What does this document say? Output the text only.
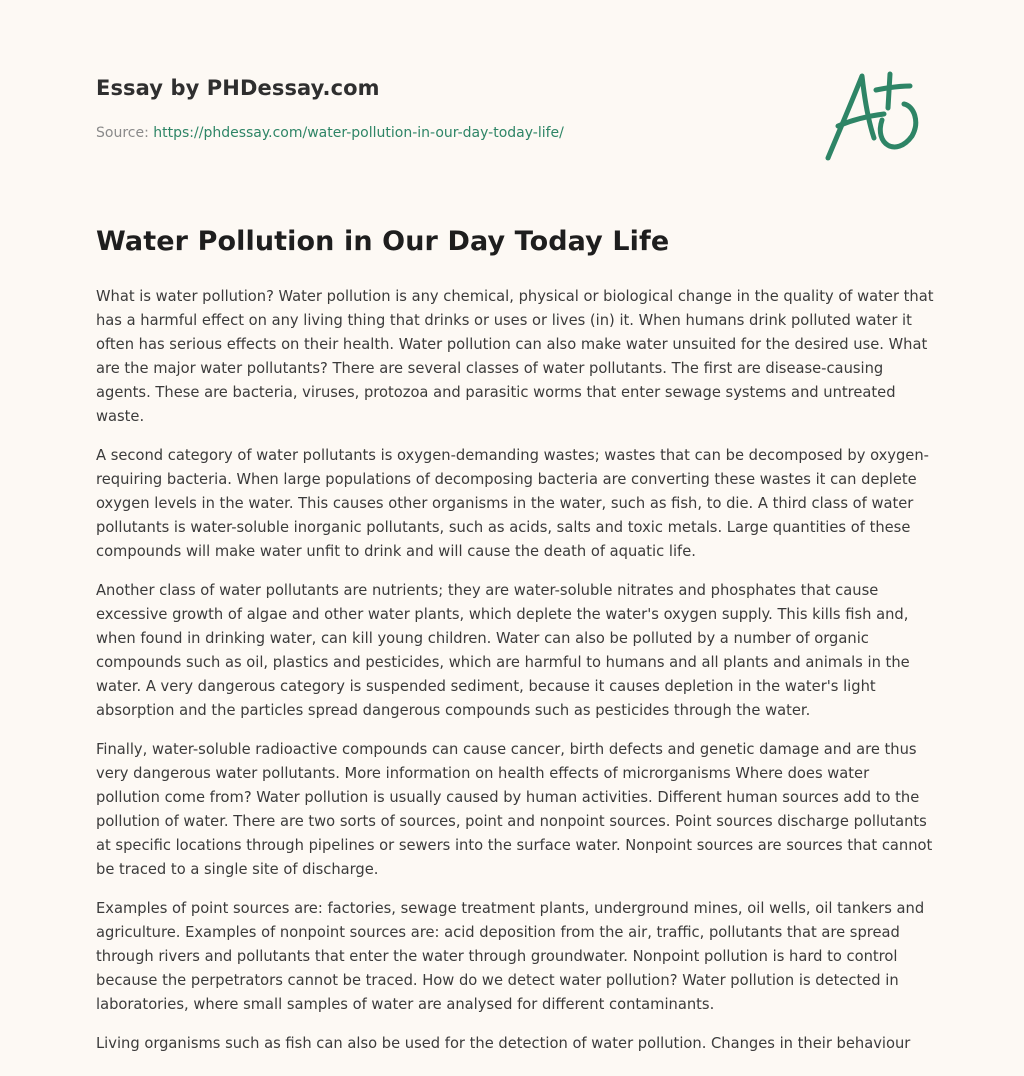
Essay by PHDessay.com
Source: https://phdessay.com/water-pollution-in-our-day-today-life/
Water Pollution in Our Day Today Life

What is water pollution? Water pollution is any chemical, physical or biological change in the quality of water that has a harmful effect on any living thing that drinks or uses or lives (in) it. When humans drink polluted water it often has serious effects on their health. Water pollution can also make water unsuited for the desired use. What are the major water pollutants? There are several classes of water pollutants. The first are disease-causing agents. These are bacteria, viruses, protozoa and parasitic worms that enter sewage systems and untreated waste.

A second category of water pollutants is oxygen-demanding wastes; wastes that can be decomposed by oxygen-requiring bacteria. When large populations of decomposing bacteria are converting these wastes it can deplete oxygen levels in the water. This causes other organisms in the water, such as fish, to die. A third class of water pollutants is water-soluble inorganic pollutants, such as acids, salts and toxic metals. Large quantities of these compounds will make water unfit to drink and will cause the death of aquatic life.

Another class of water pollutants are nutrients; they are water-soluble nitrates and phosphates that cause excessive growth of algae and other water plants, which deplete the water's oxygen supply. This kills fish and, when found in drinking water, can kill young children. Water can also be polluted by a number of organic compounds such as oil, plastics and pesticides, which are harmful to humans and all plants and animals in the water. A very dangerous category is suspended sediment, because it causes depletion in the water's light absorption and the particles spread dangerous compounds such as pesticides through the water.

Finally, water-soluble radioactive compounds can cause cancer, birth defects and genetic damage and are thus very dangerous water pollutants. More information on health effects of microrganisms Where does water pollution come from? Water pollution is usually caused by human activities. Different human sources add to the pollution of water. There are two sorts of sources, point and nonpoint sources. Point sources discharge pollutants at specific locations through pipelines or sewers into the surface water. Nonpoint sources are sources that cannot be traced to a single site of discharge.

Examples of point sources are: factories, sewage treatment plants, underground mines, oil wells, oil tankers and agriculture. Examples of nonpoint sources are: acid deposition from the air, traffic, pollutants that are spread through rivers and pollutants that enter the water through groundwater. Nonpoint pollution is hard to control because the perpetrators cannot be traced. How do we detect water pollution? Water pollution is detected in laboratories, where small samples of water are analysed for different contaminants.

Living organisms such as fish can also be used for the detection of water pollution. Changes in their behaviour
